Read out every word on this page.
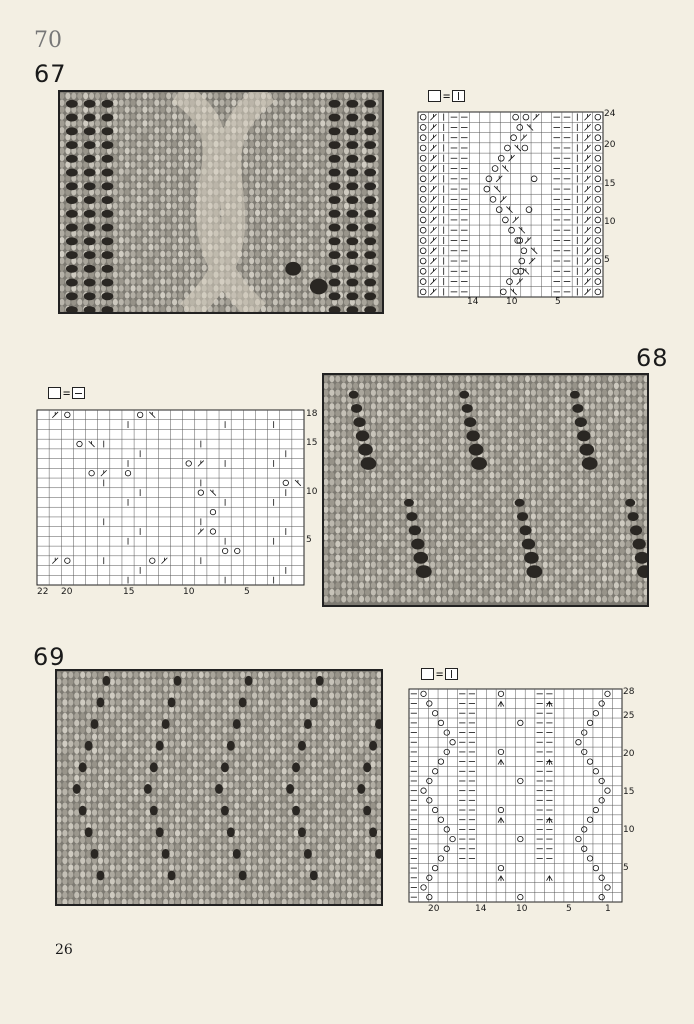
70
67
=
24
20
15
10
5
14	10	5
68
=
18
15
10
5
22 20	15	10	5
69
=
28
25
20
15
10
5
20	14	10	5	1
26
